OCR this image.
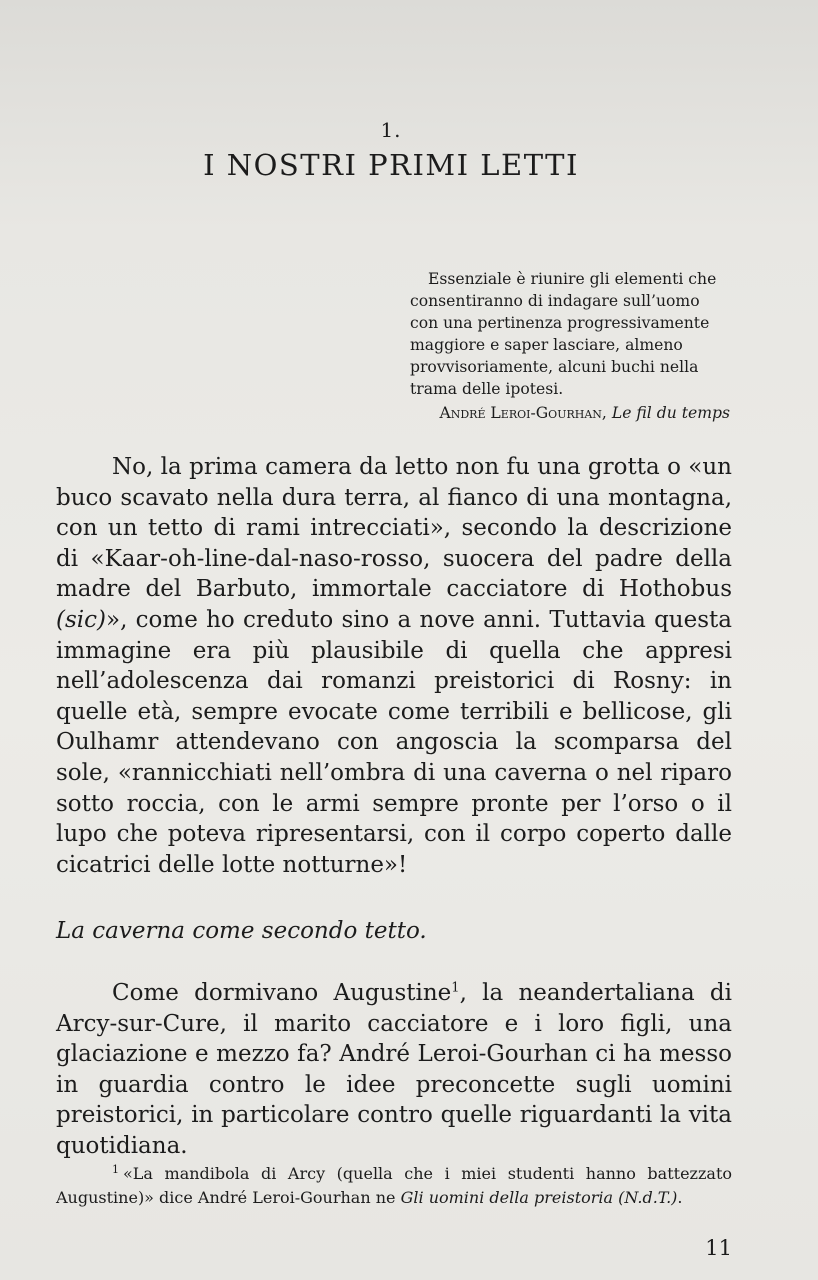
1.
I NOSTRI PRIMI LETTI

Essenziale è riunire gli elementi che consentiranno di indagare sull’uomo con una pertinenza progressivamente maggiore e saper lasciare, almeno provvisoriamente, alcuni buchi nella trama delle ipotesi.

André Leroi-Gourhan, Le fil du temps

No, la prima camera da letto non fu una grotta o «un buco scavato nella dura terra, al fianco di una montagna, con un tetto di rami intrecciati», secondo la descrizione di «Kaar-oh-line-dal-naso-rosso, suocera del padre della madre del Barbuto, immortale cacciatore di Hothobus (sic)», come ho creduto sino a nove anni. Tuttavia questa immagine era più plausibile di quella che appresi nell’adolescenza dai romanzi preistorici di Rosny: in quelle età, sempre evocate come terribili e bellicose, gli Oulhamr attendevano con angoscia la scomparsa del sole, «rannicchiati nell’ombra di una caverna o nel riparo sotto roccia, con le armi sempre pronte per l’orso o il lupo che poteva ripresentarsi, con il corpo coperto dalle cicatrici delle lotte notturne»!

La caverna come secondo tetto.

Come dormivano Augustine$^1$, la neandertaliana di Arcy-sur-Cure, il marito cacciatore e i loro figli, una glaciazione e mezzo fa? André Leroi-Gourhan ci ha messo in guardia contro le idee preconcette sugli uomini preistorici, in particolare contro quelle riguardanti la vita quotidiana.

$^1$ «La mandibola di Arcy (quella che i miei studenti hanno battezzato Augustine)» dice André Leroi-Gourhan ne Gli uomini della preistoria (N.d.T.).

11
